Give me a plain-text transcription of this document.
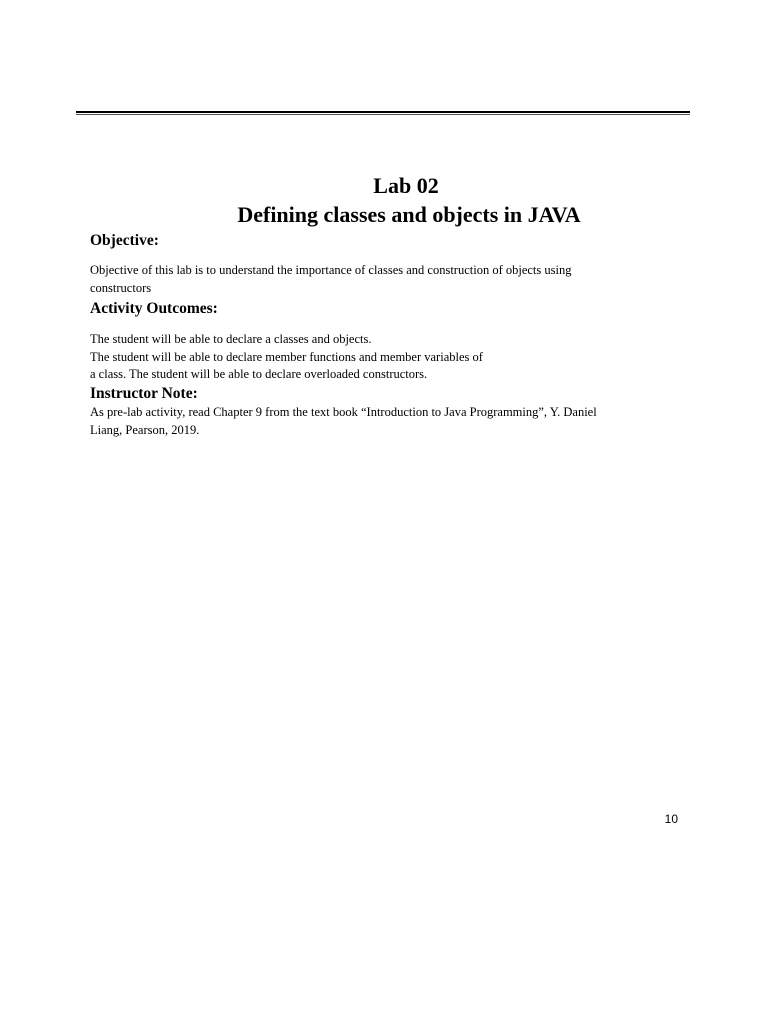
Lab 02
Defining classes and objects in JAVA
Objective:
Objective of this lab is to understand the importance of classes and construction of objects using
constructors
Activity Outcomes:
The student will be able to declare a classes and objects.
The student will be able to declare member functions and member variables of
a class. The student will be able to declare overloaded constructors.
Instructor Note:
As pre-lab activity, read Chapter 9 from the text book “Introduction to Java Programming”, Y. Daniel
Liang, Pearson, 2019.
10
